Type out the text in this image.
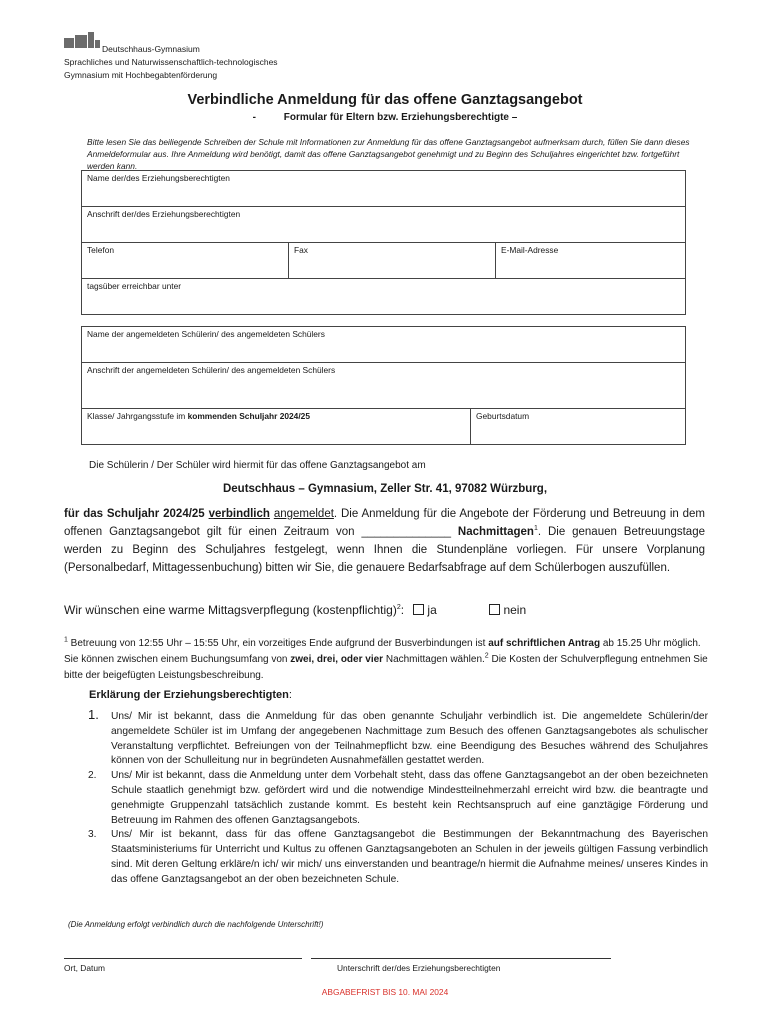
Deutschhaus-Gymnasium
Sprachliches und Naturwissenschaftlich-technologisches
Gymnasium mit Hochbegabtenförderung
Verbindliche Anmeldung für das offene Ganztagsangebot
-          Formular für Eltern bzw. Erziehungsberechtigte –
Bitte lesen Sie das beiliegende Schreiben der Schule mit Informationen zur Anmeldung für das offene Ganztagsangebot aufmerksam durch, füllen Sie dann dieses Anmeldeformular aus. Ihre Anmeldung wird benötigt, damit das offene Ganztagsangebot genehmigt und zu Beginn des Schuljahres eingerichtet bzw. fortgeführt werden kann.
Name der/des Erziehungsberechtigten
Anschrift der/des Erziehungsberechtigten
Telefon	Fax	E-Mail-Adresse
tagsüber erreichbar unter
Name der angemeldeten Schülerin/ des angemeldeten Schülers
Anschrift der angemeldeten Schülerin/ des angemeldeten Schülers
Klasse/ Jahrgangsstufe im kommenden Schuljahr 2024/25	Geburtsdatum
Die Schülerin / Der Schüler wird hiermit für das offene Ganztagsangebot am
Deutschhaus – Gymnasium, Zeller Str. 41, 97082 Würzburg,
für das Schuljahr 2024/25 verbindlich angemeldet. Die Anmeldung für die Angebote der Förderung und Betreuung in dem offenen Ganztagsangebot gilt für einen Zeitraum von ______________ Nachmittagen$^1$. Die genauen Betreuungstage werden zu Beginn des Schuljahres festgelegt, wenn Ihnen die Stundenpläne vorliegen. Für unsere Vorplanung (Personalbedarf, Mittagessenbuchung) bitten wir Sie, die genauere Bedarfsabfrage auf dem Schülerbogen auszufüllen.
Wir wünschen eine warme Mittagsverpflegung (kostenpflichtig)$^2$: ja	nein
$^1$ Betreuung von 12:55 Uhr – 15:55 Uhr, ein vorzeitiges Ende aufgrund der Busverbindungen ist auf schriftlichen Antrag ab 15.25 Uhr möglich. Sie können zwischen einem Buchungsumfang von zwei, drei, oder vier Nachmittagen wählen.$^2$ Die Kosten der Schulverpflegung entnehmen Sie bitte der beigefügten Leistungsbeschreibung.
Erklärung der Erziehungsberechtigten:
1. Uns/ Mir ist bekannt, dass die Anmeldung für das oben genannte Schuljahr verbindlich ist. Die angemeldete Schülerin/der angemeldete Schüler ist im Umfang der angegebenen Nachmittage zum Besuch des offenen Ganztagsangebotes als schulischer Veranstaltung verpflichtet. Befreiungen von der Teilnahmepflicht bzw. eine Beendigung des Besuches während des Schuljahres können von der Schulleitung nur in begründeten Ausnahmefällen gestattet werden.
2. Uns/ Mir ist bekannt, dass die Anmeldung unter dem Vorbehalt steht, dass das offene Ganztagsangebot an der oben bezeichneten Schule staatlich genehmigt bzw. gefördert wird und die notwendige Mindestteilnehmerzahl erreicht wird bzw. die beantragte und genehmigte Gruppenzahl tatsächlich zustande kommt. Es besteht kein Rechtsanspruch auf eine ganztägige Förderung und Betreuung im Rahmen des offenen Ganztagsangebots.
3. Uns/ Mir ist bekannt, dass für das offene Ganztagsangebot die Bestimmungen der Bekanntmachung des Bayerischen Staatsministeriums für Unterricht und Kultus zu offenen Ganztagsangeboten an Schulen in der jeweils gültigen Fassung verbindlich sind. Mit deren Geltung erkläre/n ich/ wir mich/ uns einverstanden und beantrage/n hiermit die Aufnahme meines/ unseres Kindes in das offene Ganztagsangebot an der oben bezeichneten Schule.
(Die Anmeldung erfolgt verbindlich durch die nachfolgende Unterschrift!)
Ort, Datum	Unterschrift der/des Erziehungsberechtigten
ABGABEFRIST BIS 10. MAI 2024
